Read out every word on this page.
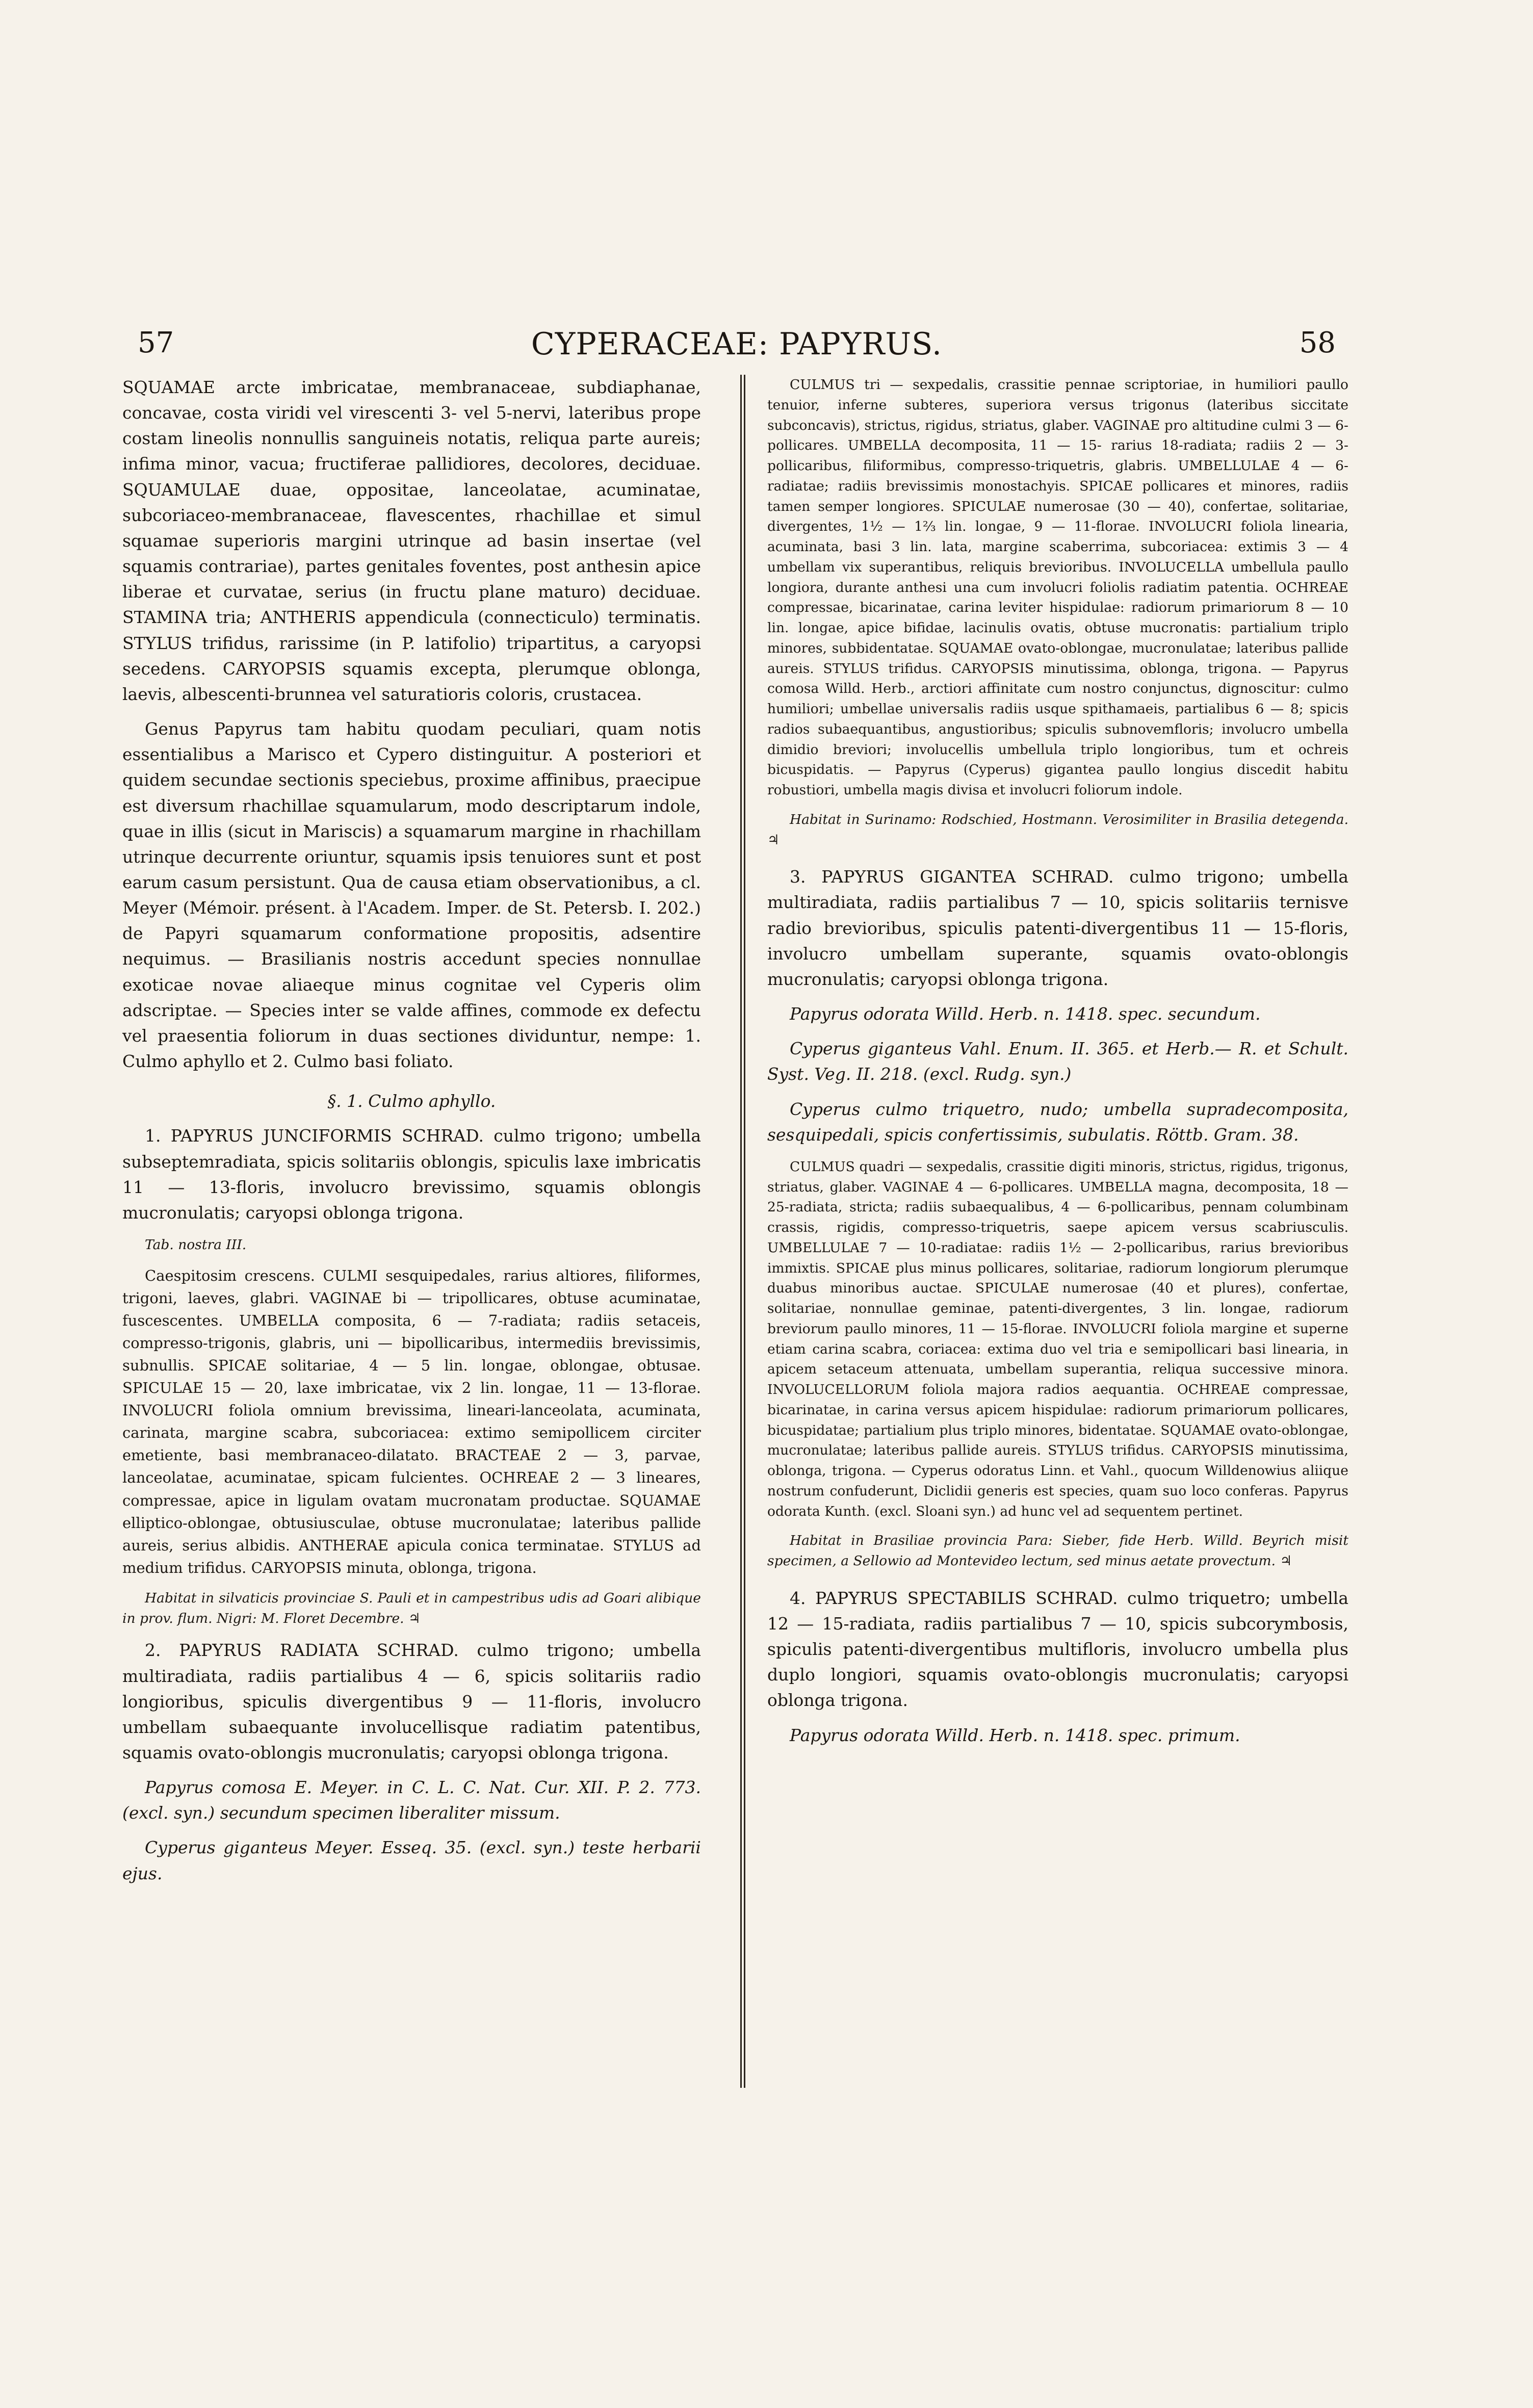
57	CYPERACEAE: PAPYRUS.	58

SQUAMAE arcte imbricatae, membranaceae, subdiaphanae, concavae, costa viridi vel virescenti 3- vel 5-nervi, lateribus prope costam lineolis nonnullis sanguineis notatis, reliqua parte aureis; infima minor, vacua; fructiferae pallidiores, decolores, deciduae. SQUAMULAE duae, oppositae, lanceolatae, acuminatae, subcoriaceo-membranaceae, flavescentes, rhachillae et simul squamae superioris margini utrinque ad basin insertae (vel squamis contrariae), partes genitales foventes, post anthesin apice liberae et curvatae, serius (in fructu plane maturo) deciduae. STAMINA tria; ANTHERIS appendicula (connecticulo) terminatis. STYLUS trifidus, rarissime (in P. latifolio) tripartitus, a caryopsi secedens. CARYOPSIS squamis excepta, plerumque oblonga, laevis, albescenti-brunnea vel saturatioris coloris, crustacea.

Genus Papyrus tam habitu quodam peculiari, quam notis essentialibus a Marisco et Cypero distinguitur. A posteriori et quidem secundae sectionis speciebus, proxime affinibus, praecipue est diversum rhachillae squamularum, modo descriptarum indole, quae in illis (sicut in Mariscis) a squamarum margine in rhachillam utrinque decurrente oriuntur, squamis ipsis tenuiores sunt et post earum casum persistunt. Qua de causa etiam observationibus, a cl. Meyer (Mémoir. présent. à l'Academ. Imper. de St. Petersb. I. 202.) de Papyri squamarum conformatione propositis, adsentire nequimus. — Brasilianis nostris accedunt species nonnullae exoticae novae aliaeque minus cognitae vel Cyperis olim adscriptae. — Species inter se valde affines, commode ex defectu vel praesentia foliorum in duas sectiones dividuntur, nempe: 1. Culmo aphyllo et 2. Culmo basi foliato.

§. 1. Culmo aphyllo.

1. PAPYRUS JUNCIFORMIS SCHRAD. culmo trigono; umbella subseptemradiata, spicis solitariis oblongis, spiculis laxe imbricatis 11 — 13-floris, involucro brevissimo, squamis oblongis mucronulatis; caryopsi oblonga trigona.

Tab. nostra III.

Caespitosim crescens. CULMI sesquipedales, rarius altiores, filiformes, trigoni, laeves, glabri. VAGINAE bi — tripollicares, obtuse acuminatae, fuscescentes. UMBELLA composita, 6 — 7-radiata; radiis setaceis, compresso-trigonis, glabris, uni — bipollicaribus, intermediis brevissimis, subnullis. SPICAE solitariae, 4 — 5 lin. longae, oblongae, obtusae. SPICULAE 15 — 20, laxe imbricatae, vix 2 lin. longae, 11 — 13-florae. INVOLUCRI foliola omnium brevissima, lineari-lanceolata, acuminata, carinata, margine scabra, subcoriacea: extimo semipollicem circiter emetiente, basi membranaceo-dilatato. BRACTEAE 2 — 3, parvae, lanceolatae, acuminatae, spicam fulcientes. OCHREAE 2 — 3 lineares, compressae, apice in ligulam ovatam mucronatam productae. SQUAMAE elliptico-oblongae, obtusiusculae, obtuse mucronulatae; lateribus pallide aureis, serius albidis. ANTHERAE apicula conica terminatae. STYLUS ad medium trifidus. CARYOPSIS minuta, oblonga, trigona.

Habitat in silvaticis provinciae S. Pauli et in campestribus udis ad Goari alibique in prov. flum. Nigri: M. Floret Decembre. ♃

2. PAPYRUS RADIATA SCHRAD. culmo trigono; umbella multiradiata, radiis partialibus 4 — 6, spicis solitariis radio longioribus, spiculis divergentibus 9 — 11-floris, involucro umbellam subaequante involucellisque radiatim patentibus, squamis ovato-oblongis mucronulatis; caryopsi oblonga trigona.

Papyrus comosa E. Meyer. in C. L. C. Nat. Cur. XII. P. 2. 773. (excl. syn.) secundum specimen liberaliter missum.

Cyperus giganteus Meyer. Esseq. 35. (excl. syn.) teste herbarii ejus.

CULMUS tri — sexpedalis, crassitie pennae scriptoriae, in humiliori paullo tenuior, inferne subteres, superiora versus trigonus (lateribus siccitate subconcavis), strictus, rigidus, striatus, glaber. VAGINAE pro altitudine culmi 3 — 6-pollicares. UMBELLA decomposita, 11 — 15- rarius 18-radiata; radiis 2 — 3-pollicaribus, filiformibus, compresso-triquetris, glabris. UMBELLULAE 4 — 6-radiatae; radiis brevissimis monostachyis. SPICAE pollicares et minores, radiis tamen semper longiores. SPICULAE numerosae (30 — 40), confertae, solitariae, divergentes, 1½ — 1⅔ lin. longae, 9 — 11-florae. INVOLUCRI foliola linearia, acuminata, basi 3 lin. lata, margine scaberrima, subcoriacea: extimis 3 — 4 umbellam vix superantibus, reliquis brevioribus. INVOLUCELLA umbellula paullo longiora, durante anthesi una cum involucri foliolis radiatim patentia. OCHREAE compressae, bicarinatae, carina leviter hispidulae: radiorum primariorum 8 — 10 lin. longae, apice bifidae, lacinulis ovatis, obtuse mucronatis: partialium triplo minores, subbidentatae. SQUAMAE ovato-oblongae, mucronulatae; lateribus pallide aureis. STYLUS trifidus. CARYOPSIS minutissima, oblonga, trigona. — Papyrus comosa Willd. Herb., arctiori affinitate cum nostro conjunctus, dignoscitur: culmo humiliori; umbellae universalis radiis usque spithamaeis, partialibus 6 — 8; spicis radios subaequantibus, angustioribus; spiculis subnovemfloris; involucro umbella dimidio breviori; involucellis umbellula triplo longioribus, tum et ochreis bicuspidatis. — Papyrus (Cyperus) gigantea paullo longius discedit habitu robustiori, umbella magis divisa et involucri foliorum indole.

Habitat in Surinamo: Rodschied, Hostmann. Verosimiliter in Brasilia detegenda. ♃

3. PAPYRUS GIGANTEA SCHRAD. culmo trigono; umbella multiradiata, radiis partialibus 7 — 10, spicis solitariis ternisve radio brevioribus, spiculis patenti-divergentibus 11 — 15-floris, involucro umbellam superante, squamis ovato-oblongis mucronulatis; caryopsi oblonga trigona.

Papyrus odorata Willd. Herb. n. 1418. spec. secundum.

Cyperus giganteus Vahl. Enum. II. 365. et Herb.— R. et Schult. Syst. Veg. II. 218. (excl. Rudg. syn.)

Cyperus culmo triquetro, nudo; umbella supradecomposita, sesquipedali, spicis confertissimis, subulatis. Röttb. Gram. 38.

CULMUS quadri — sexpedalis, crassitie digiti minoris, strictus, rigidus, trigonus, striatus, glaber. VAGINAE 4 — 6-pollicares. UMBELLA magna, decomposita, 18 — 25-radiata, stricta; radiis subaequalibus, 4 — 6-pollicaribus, pennam columbinam crassis, rigidis, compresso-triquetris, saepe apicem versus scabriusculis. UMBELLULAE 7 — 10-radiatae: radiis 1½ — 2-pollicaribus, rarius brevioribus immixtis. SPICAE plus minus pollicares, solitariae, radiorum longiorum plerumque duabus minoribus auctae. SPICULAE numerosae (40 et plures), confertae, solitariae, nonnullae geminae, patenti-divergentes, 3 lin. longae, radiorum breviorum paullo minores, 11 — 15-florae. INVOLUCRI foliola margine et superne etiam carina scabra, coriacea: extima duo vel tria e semipollicari basi linearia, in apicem setaceum attenuata, umbellam superantia, reliqua successive minora. INVOLUCELLORUM foliola majora radios aequantia. OCHREAE compressae, bicarinatae, in carina versus apicem hispidulae: radiorum primariorum pollicares, bicuspidatae; partialium plus triplo minores, bidentatae. SQUAMAE ovato-oblongae, mucronulatae; lateribus pallide aureis. STYLUS trifidus. CARYOPSIS minutissima, oblonga, trigona. — Cyperus odoratus Linn. et Vahl., quocum Willdenowius aliique nostrum confuderunt, Diclidii generis est species, quam suo loco conferas. Papyrus odorata Kunth. (excl. Sloani syn.) ad hunc vel ad sequentem pertinet.

Habitat in Brasiliae provincia Para: Sieber, fide Herb. Willd. Beyrich misit specimen, a Sellowio ad Montevideo lectum, sed minus aetate provectum. ♃

4. PAPYRUS SPECTABILIS SCHRAD. culmo triquetro; umbella 12 — 15-radiata, radiis partialibus 7 — 10, spicis subcorymbosis, spiculis patenti-divergentibus multifloris, involucro umbella plus duplo longiori, squamis ovato-oblongis mucronulatis; caryopsi oblonga trigona.

Papyrus odorata Willd. Herb. n. 1418. spec. primum.
